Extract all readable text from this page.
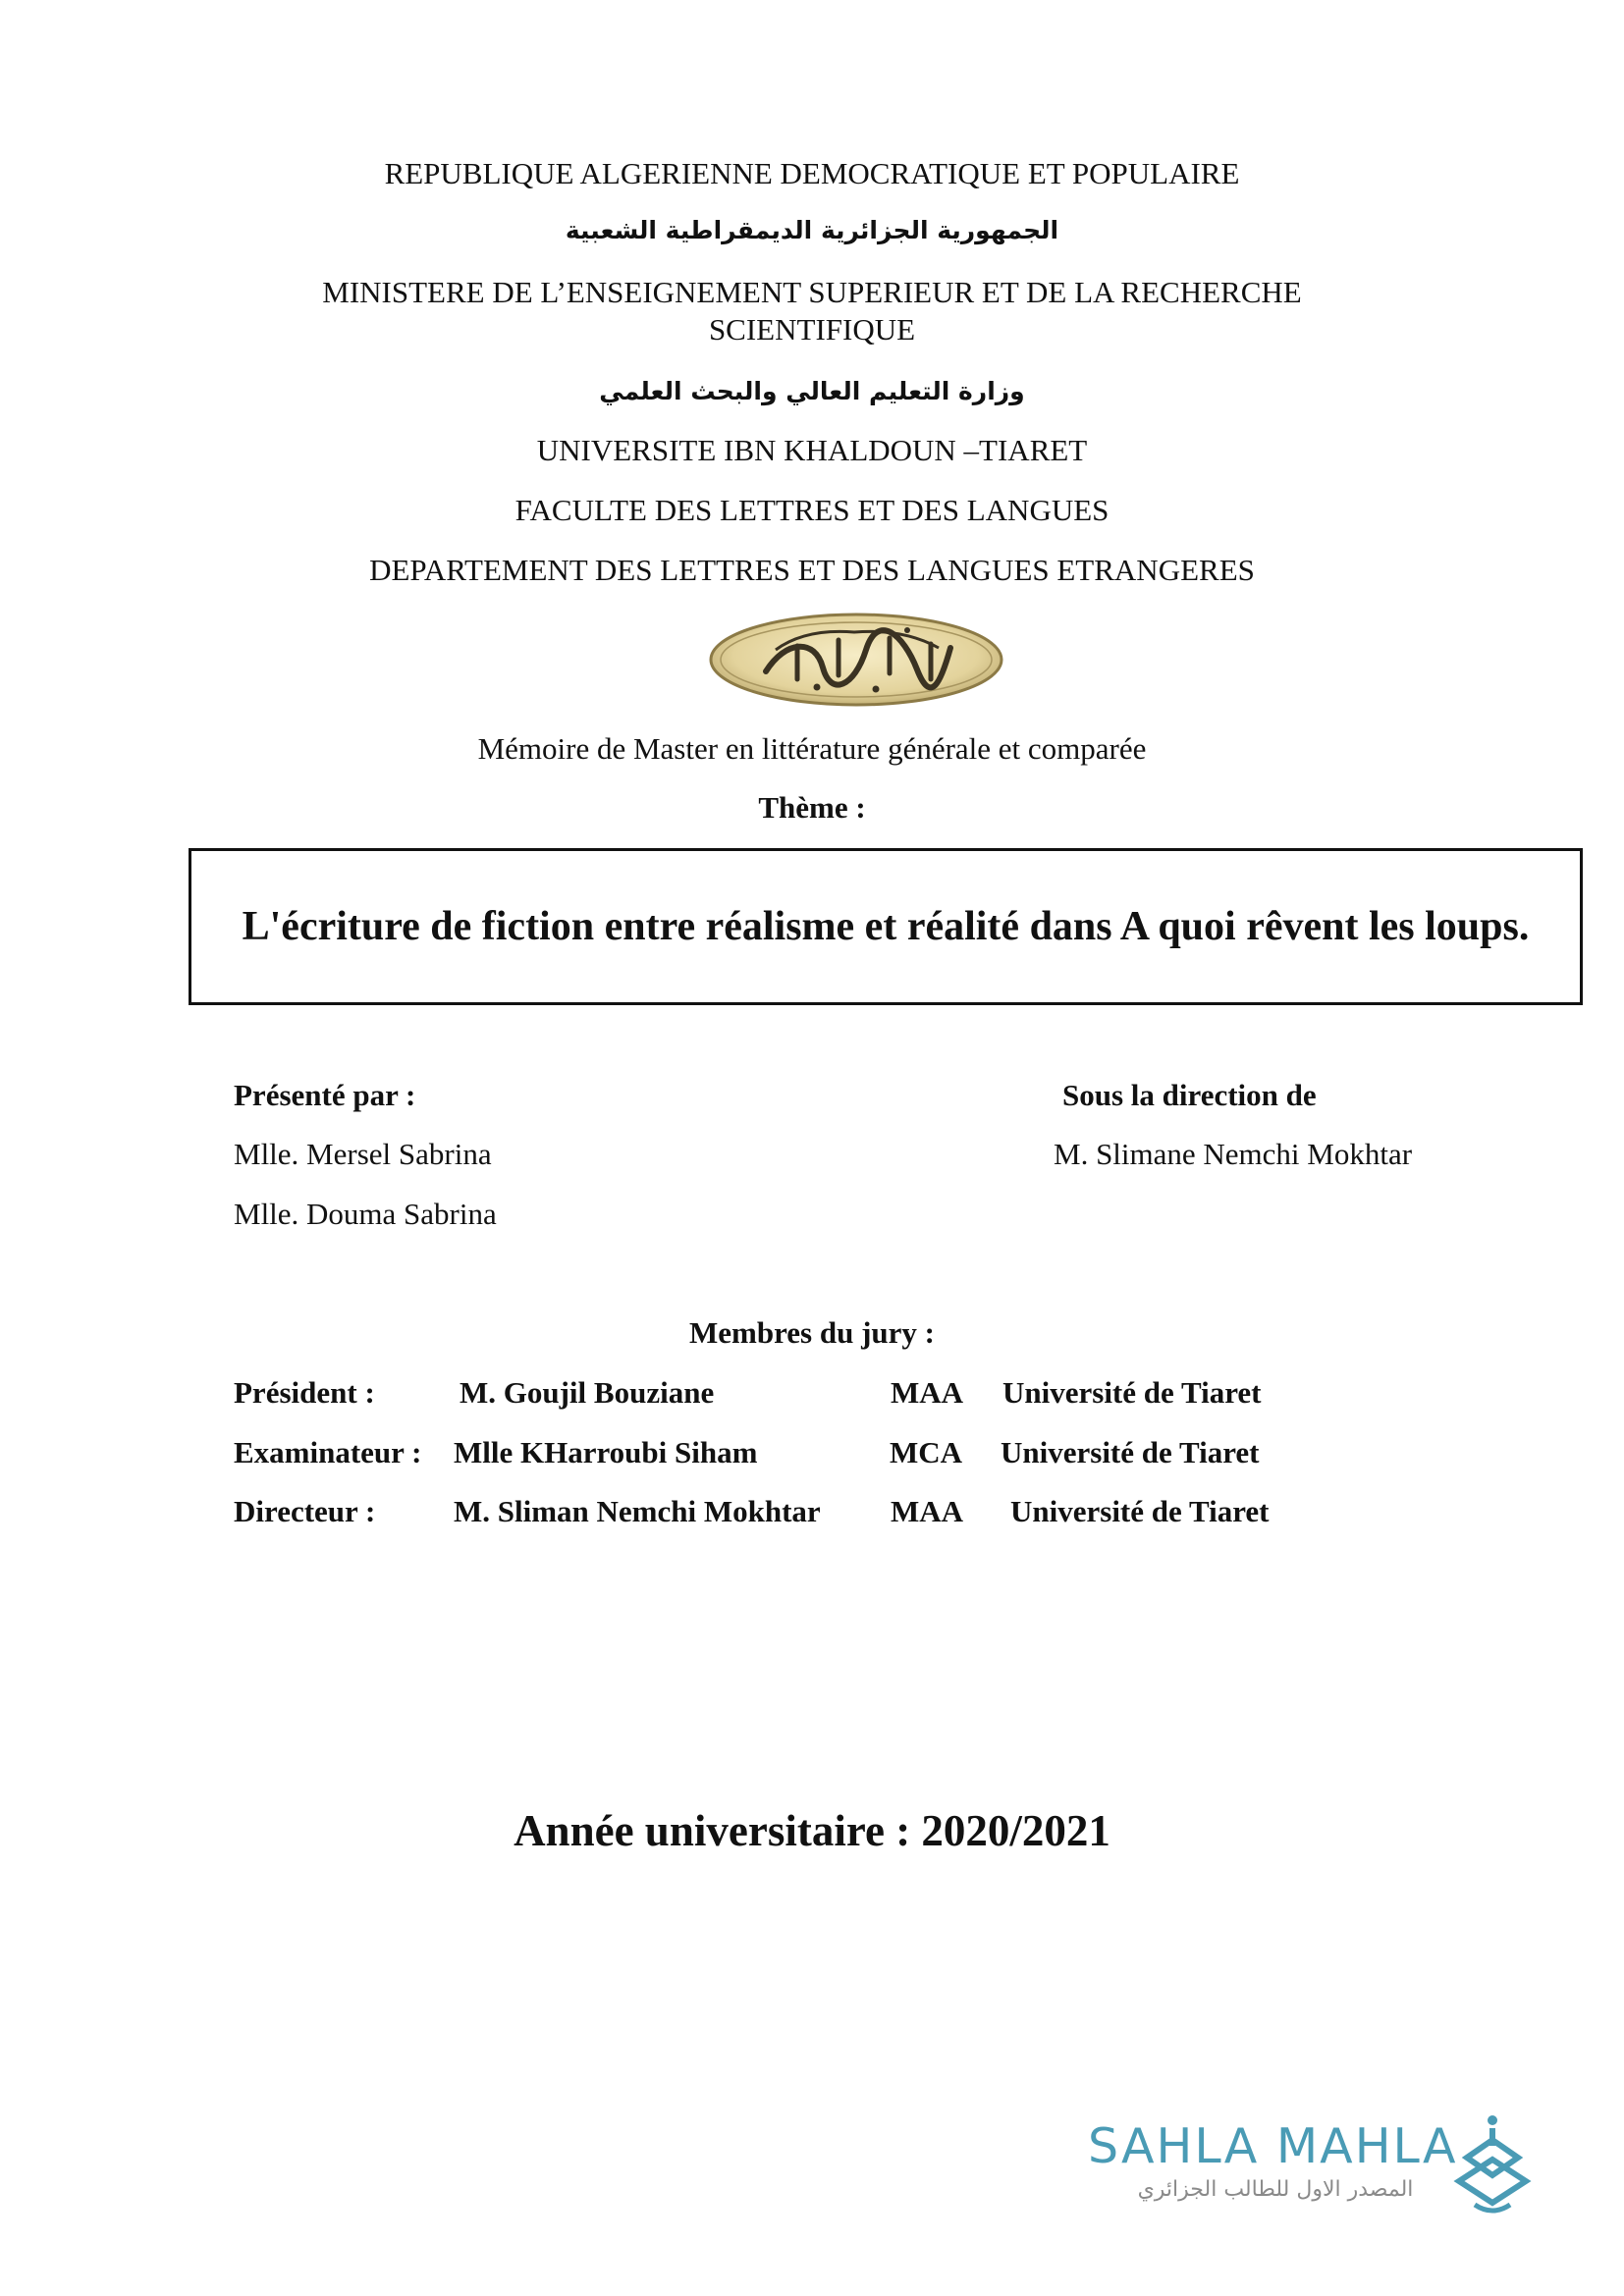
REPUBLIQUE ALGERIENNE DEMOCRATIQUE ET POPULAIRE
الجمهورية الجزائرية الديمقراطية الشعبية
MINISTERE DE L’ENSEIGNEMENT SUPERIEUR ET DE LA RECHERCHE SCIENTIFIQUE
وزارة التعليم العالي والبحث العلمي
UNIVERSITE IBN KHALDOUN –TIARET
FACULTE DES LETTRES ET DES LANGUES
DEPARTEMENT DES LETTRES ET DES LANGUES ETRANGERES
Mémoire de Master en littérature générale et comparée
Thème :
L'écriture de fiction entre réalisme et réalité dans A quoi rêvent les loups.
Présenté par :
Mlle. Mersel Sabrina
Mlle. Douma Sabrina
Sous la direction de
M. Slimane Nemchi Mokhtar
Membres du jury :
Président :	M. Goujil Bouziane	MAA Université de Tiaret
Examinateur : Mlle KHarroubi Siham	MCA Université de Tiaret
Directeur :	M. Sliman Nemchi Mokhtar MAA Université de Tiaret
Année universitaire : 2020/2021
SAHLA MAHLA
المصدر الاول للطالب الجزائري
